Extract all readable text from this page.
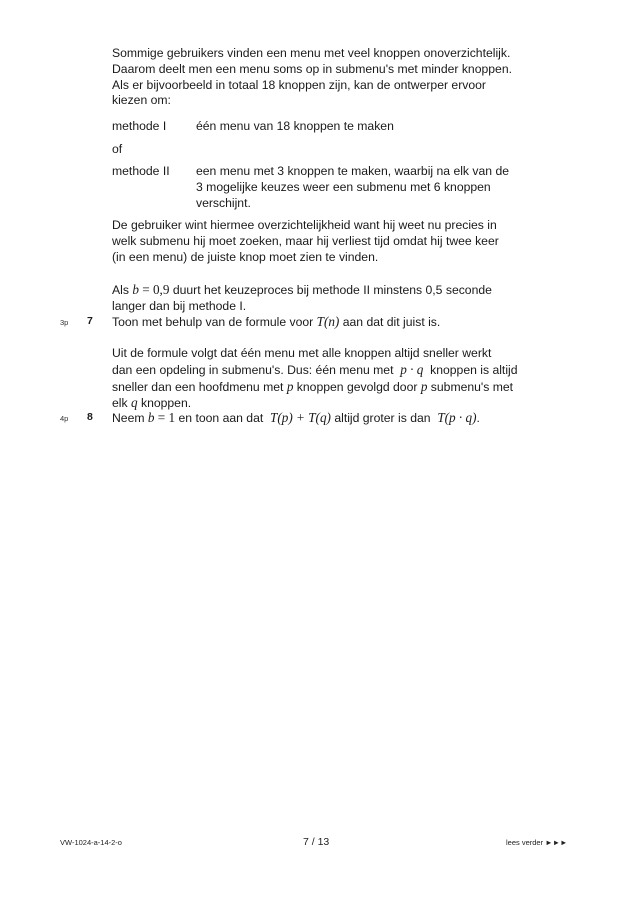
Sommige gebruikers vinden een menu met veel knoppen onoverzichtelijk.
Daarom deelt men een menu soms op in submenu's met minder knoppen.
Als er bijvoorbeeld in totaal 18 knoppen zijn, kan de ontwerper ervoor
kiezen om:
methode I één menu van 18 knoppen te maken
of
methode II een menu met 3 knoppen te maken, waarbij na elk van de
3 mogelijke keuzes weer een submenu met 6 knoppen
verschijnt.
De gebruiker wint hiermee overzichtelijkheid want hij weet nu precies in
welk submenu hij moet zoeken, maar hij verliest tijd omdat hij twee keer
(in een menu) de juiste knop moet zien te vinden.
Als b = 0,9 duurt het keuzeproces bij methode II minstens 0,5 seconde
langer dan bij methode I.
3p 7 Toon met behulp van de formule voor T(n) aan dat dit juist is.
Uit de formule volgt dat één menu met alle knoppen altijd sneller werkt
dan een opdeling in submenu's. Dus: één menu met p · q knoppen is altijd
sneller dan een hoofdmenu met p knoppen gevolgd door p submenu's met
elk q knoppen.
4p 8 Neem b = 1 en toon aan dat T(p) + T(q) altijd groter is dan T(p · q).
VW-1024-a-14-2-o	7 / 13	lees verder ►►►
